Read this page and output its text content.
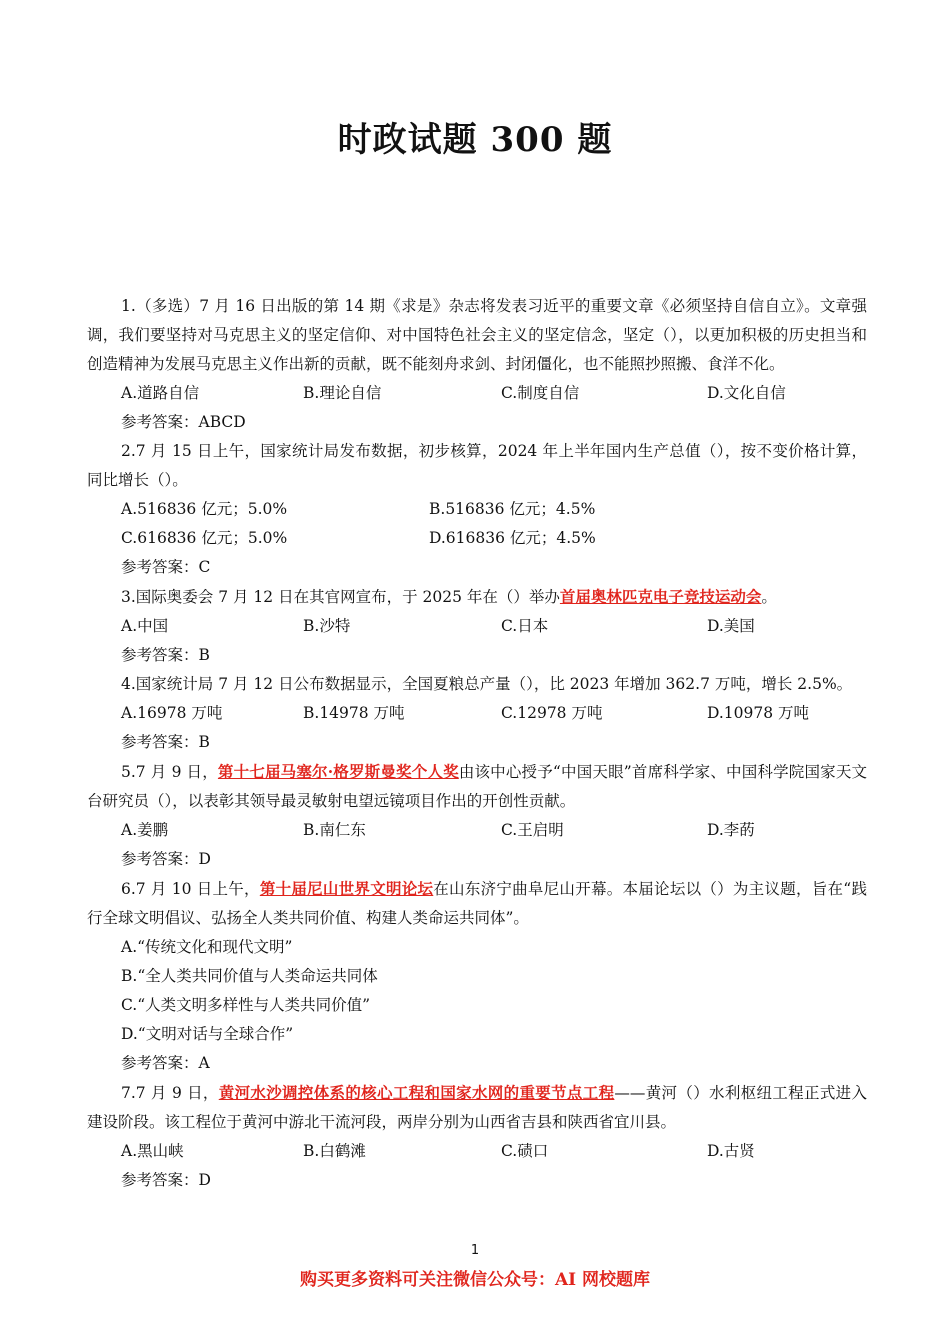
时政试题 300 题

1.（多选）7 月 16 日出版的第 14 期《求是》杂志将发表习近平的重要文章《必须坚持自信自立》。文章强调，我们要坚持对马克思主义的坚定信仰、对中国特色社会主义的坚定信念，坚定（），以更加积极的历史担当和创造精神为发展马克思主义作出新的贡献，既不能刻舟求剑、封闭僵化，也不能照抄照搬、食洋不化。

A.道路自信	B.理论自信	C.制度自信	D.文化自信
参考答案：ABCD

2.7 月 15 日上午，国家统计局发布数据，初步核算，2024 年上半年国内生产总值（），按不变价格计算，同比增长（）。

A.516836 亿元；5.0%	B.516836 亿元；4.5%
C.616836 亿元；5.0%	D.616836 亿元；4.5%
参考答案：C

3.国际奥委会 7 月 12 日在其官网宣布，于 2025 年在（）举办首届奥林匹克电子竞技运动会。

A.中国	B.沙特	C.日本	D.美国
参考答案：B

4.国家统计局 7 月 12 日公布数据显示，全国夏粮总产量（），比 2023 年增加 362.7 万吨，增长 2.5%。

A.16978 万吨	B.14978 万吨	C.12978 万吨	D.10978 万吨
参考答案：B

5.7 月 9 日，第十七届马塞尔·格罗斯曼奖个人奖由该中心授予“中国天眼”首席科学家、中国科学院国家天文台研究员（），以表彰其领导最灵敏射电望远镜项目作出的开创性贡献。

A.姜鹏	B.南仁东	C.王启明	D.李菂
参考答案：D

6.7 月 10 日上午，第十届尼山世界文明论坛在山东济宁曲阜尼山开幕。本届论坛以（）为主议题，旨在“践行全球文明倡议、弘扬全人类共同价值、构建人类命运共同体”。

A.“传统文化和现代文明”
B.“全人类共同价值与人类命运共同体
C.“人类文明多样性与人类共同价值”
D.“文明对话与全球合作”
参考答案：A

7.7 月 9 日，黄河水沙调控体系的核心工程和国家水网的重要节点工程——黄河（）水利枢纽工程正式进入建设阶段。该工程位于黄河中游北干流河段，两岸分别为山西省吉县和陕西省宜川县。

A.黑山峡	B.白鹤滩	C.碛口	D.古贤
参考答案：D
1
购买更多资料可关注微信公众号：AI 网校题库
